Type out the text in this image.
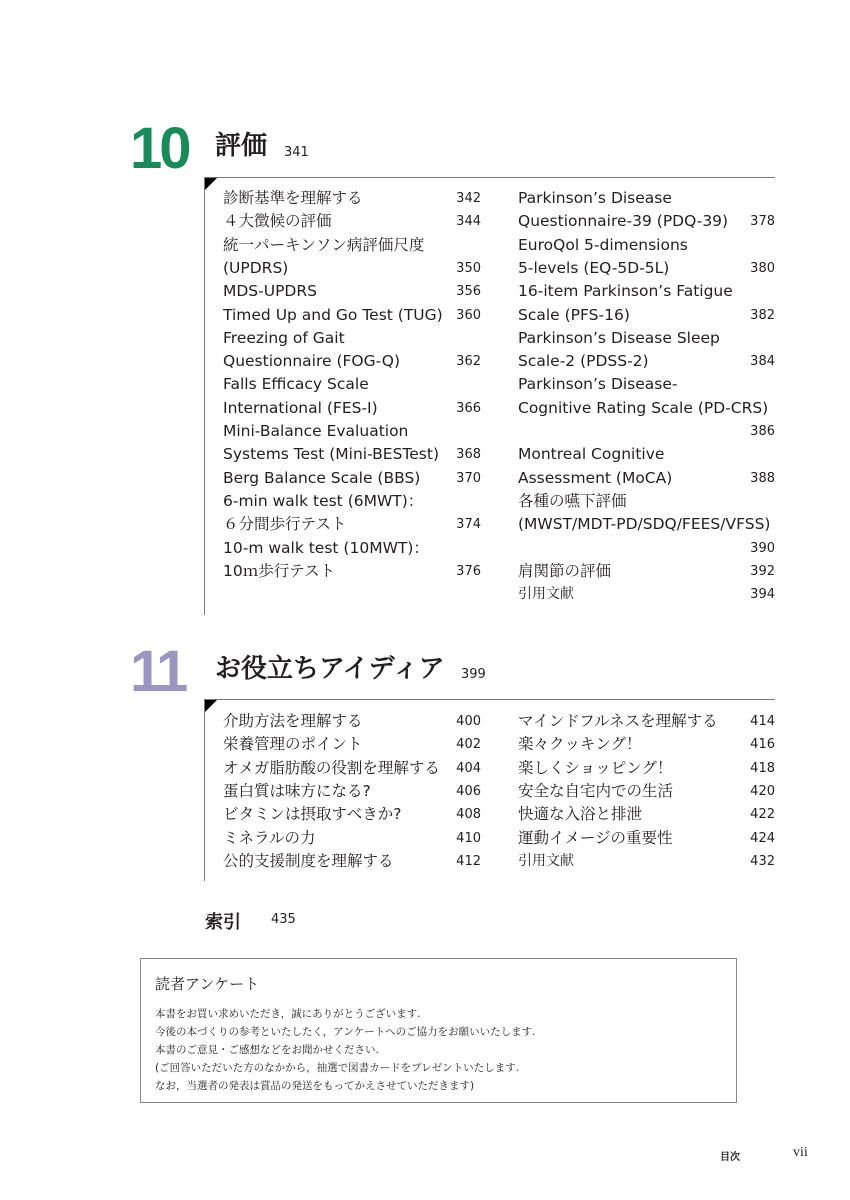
10 評価 341
診断基準を理解する	342
４大徴候の評価	344
統一パーキンソン病評価尺度
(UPDRS)	350
MDS-UPDRS	356
Timed Up and Go Test (TUG)	360
Freezing of Gait
Questionnaire (FOG-Q)	362
Falls Efficacy Scale
International (FES-I)	366
Mini-Balance Evaluation
Systems Test (Mini-BESTest)	368
Berg Balance Scale (BBS)	370
6-min walk test (6MWT)：
６分間歩行テスト	374
10-m walk test (10MWT)：
10ｍ歩行テスト	376
Parkinson’s Disease
Questionnaire-39 (PDQ-39)	378
EuroQol 5-dimensions
5-levels (EQ-5D-5L)	380
16-item Parkinson’s Fatigue
Scale (PFS-16)	382
Parkinson’s Disease Sleep
Scale-2 (PDSS-2)	384
Parkinson’s Disease-
Cognitive Rating Scale (PD-CRS)
386
Montreal Cognitive
Assessment (MoCA)	388
各種の嚥下評価
(MWST/MDT-PD/SDQ/FEES/VFSS)
390
肩関節の評価	392
引用文献	394
11 お役立ちアイディア 399
介助方法を理解する	400
栄養管理のポイント	402
オメガ脂肪酸の役割を理解する	404
蛋白質は味方になる?	406
ビタミンは摂取すべきか?	408
ミネラルの力	410
公的支援制度を理解する	412
マインドフルネスを理解する	414
楽々クッキング！	416
楽しくショッピング！	418
安全な自宅内での生活	420
快適な入浴と排泄	422
運動イメージの重要性	424
引用文献	432
索引 435
読者アンケート
本書をお買い求めいただき，誠にありがとうございます.
今後の本づくりの参考といたしたく，アンケートへのご協力をお願いいたします.
本書のご意見・ご感想などをお聞かせください.
(ご回答いただいた方のなかから，抽選で図書カードをプレゼントいたします.
なお，当選者の発表は賞品の発送をもってかえさせていただきます)
目次	vii
